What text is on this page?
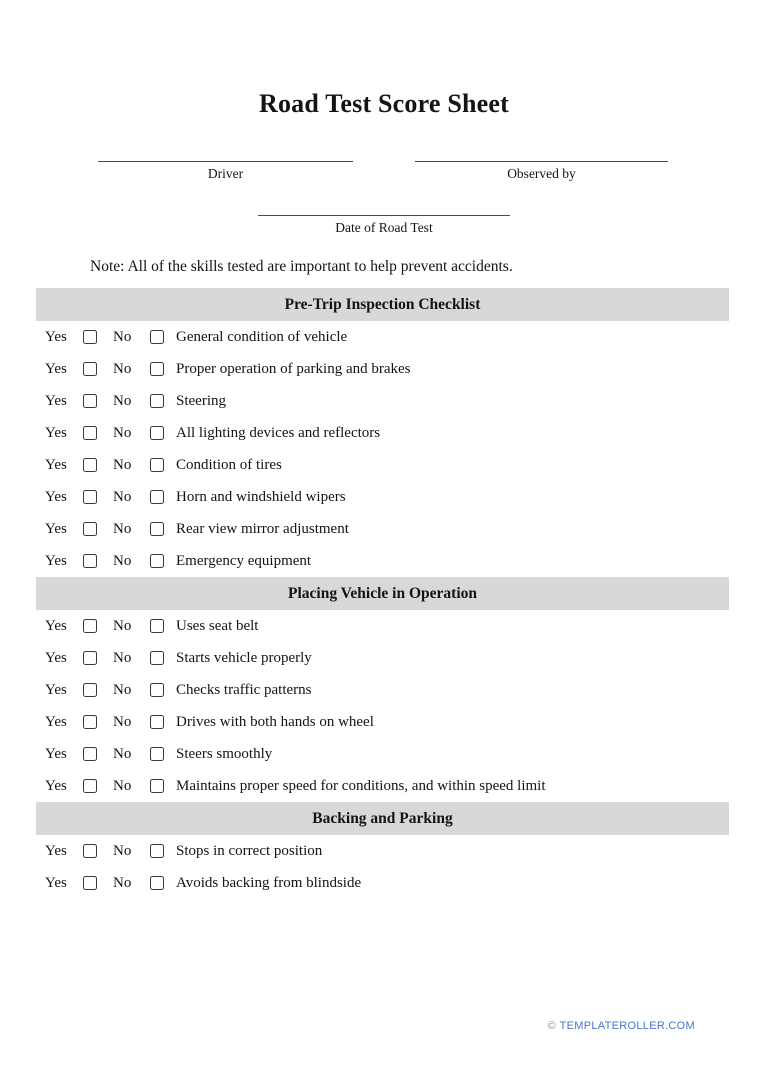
Road Test Score Sheet
Driver	Observed by
Date of Road Test

Note: All of the skills tested are important to help prevent accidents.

Pre-Trip Inspection Checklist
Yes	No	General condition of vehicle
Yes	No	Proper operation of parking and brakes
Yes	No	Steering
Yes	No	All lighting devices and reflectors
Yes	No	Condition of tires
Yes	No	Horn and windshield wipers
Yes	No	Rear view mirror adjustment
Yes	No	Emergency equipment
Placing Vehicle in Operation
Yes	No	Uses seat belt
Yes	No	Starts vehicle properly
Yes	No	Checks traffic patterns
Yes	No	Drives with both hands on wheel
Yes	No	Steers smoothly
Yes	No	Maintains proper speed for conditions, and within speed limit
Backing and Parking
Yes	No	Stops in correct position
Yes	No	Avoids backing from blindside
© TEMPLATEROLLER.COM
